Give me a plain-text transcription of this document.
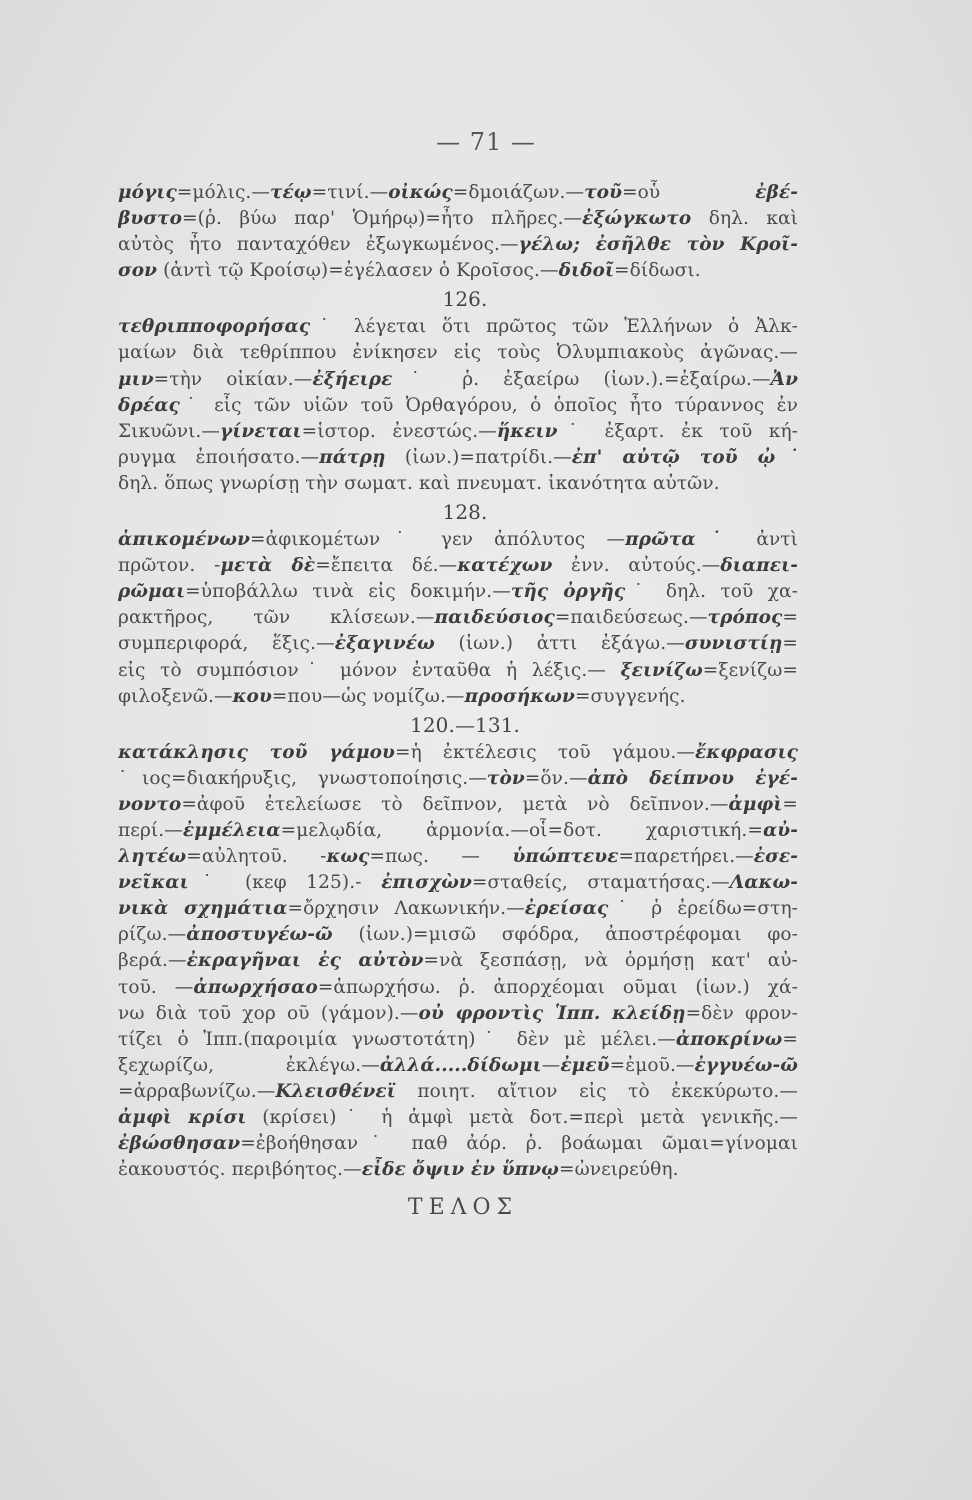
— 71 —
μόγις=μόλις.—τέῳ=τινί.—οἰκώς=δμοιάζων.—τοῦ=οὗ ἐβέ-
βυστο=(ῥ. βύω παρ' Ὁμήρῳ)=ἦτο πλῆρες.—ἐξώγκωτο δηλ. καὶ
αὐτὸς ἦτο πανταχόθεν ἐξωγκωμένος.—γέλω; ἐσῆλθε τὸν Κροῖ-
σον (ἀντὶ τῷ Κροίσῳ)=ἐγέλασεν ὁ Κροῖσος.—διδοῖ=δίδωσι.
126.
τεθριπποφορήσας˙ λέγεται ὅτι πρῶτος τῶν Ἑλλήνων ὁ Ἀλκ-
μαίων διὰ τεθρίππου ἐνίκησεν εἰς τοὺς Ὀλυμπιακοὺς ἀγῶνας.—
μιν=τὴν οἰκίαν.—ἐξήειρε˙ ῥ. ἐξαείρω (ἰων.).=ἐξαίρω.—Ἀν
δρέας˙ εἷς τῶν υἱῶν τοῦ Ὀρθαγόρου, ὁ ὁποῖος ἦτο τύραννος ἐν
Σικυῶνι.—γίνεται=ἱστορ. ἐνεστώς.—ἥκειν˙ ἐξαρτ. ἐκ τοῦ κή-
ρυγμα ἐποιήσατο.—πάτρῃ (ἰων.)=πατρίδι.—ἐπ' αὐτῷ τοῦ ᾠ˙
δηλ. ὅπως γνωρίσῃ τὴν σωματ. καὶ πνευματ. ἱκανότητα αὐτῶν.
128.
ἀπικομένων=ἀφικομέτων˙ γεν ἀπόλυτος —πρῶτα˙ ἀντὶ
πρῶτον. -μετὰ δὲ=ἔπειτα δέ.—κατέχων ἐνν. αὐτούς.—διαπει-
ρῶμαι=ὑποβάλλω τινὰ εἰς δοκιμήν.—τῆς ὀργῆς˙ δηλ. τοῦ χα-
ρακτῆρος, τῶν κλίσεων.—παιδεύσιος=παιδεύσεως.—τρόπος=
συμπεριφορά, ἕξις.—ἐξαγινέω (ἰων.) ἀττι ἐξάγω.—συνιστίῃ=
εἰς τὸ συμπόσιον˙ μόνον ἐνταῦθα ἡ λέξις.— ξεινίζω=ξενίζω=
φιλοξενῶ.—κου=που—ὡς νομίζω.—προσήκων=συγγενής.
120.—131.
κατάκλησις τοῦ γάμου=ἡ ἐκτέλεσις τοῦ γάμου.—ἔκφρασις
˙ιος=διακήρυξις, γνωστοποίησις.—τὸν=ὅν.—ἀπὸ δείπνου ἐγέ-
νοντο=ἀφοῦ ἐτελείωσε τὸ δεῖπνον, μετὰ νὸ δεῖπνον.—ἀμφὶ=
περί.—ἐμμέλεια=μελῳδία, ἁρμονία.—οἷ=δοτ. χαριστική.=αὐ-
λητέω=αὐλητοῦ. -κως=πως. — ὑπώπτευε=παρετήρει.—ἐσε-
νεῖκαι˙ (κεφ 125).- ἐπισχὼν=σταθείς, σταματήσας.—Λακω-
νικὰ σχημάτια=ὄρχησιν Λακωνικήν.—ἐρείσας˙ ῥ ἐρείδω=στη-
ρίζω.—ἀποστυγέω-ῶ (ἰων.)=μισῶ σφόδρα, ἀποστρέφομαι φο-
βερά.—ἐκραγῆναι ἐς αὐτὸν=νὰ ξεσπάσῃ, νὰ ὁρμήσῃ κατ' αὐ-
τοῦ. —ἀπωρχήσαο=ἀπωρχήσω. ῥ. ἀπορχέομαι οῦμαι (ἰων.) χά-
νω διὰ τοῦ χορ οῦ (γάμον).—οὐ φροντὶς Ἱππ. κλείδῃ=δὲν φρον-
τίζει ὁ Ἱππ.(παροιμία γνωστοτάτη)˙ δὲν μὲ μέλει.—ἀποκρίνω=
ξεχωρίζω, ἐκλέγω.—ἀλλά.....δίδωμι—ἐμεῦ=ἐμοῦ.—ἐγγυέω-ῶ
=ἀρραβωνίζω.—Κλεισθένεϊ ποιητ. αἴτιον εἰς τὸ ἐκεκύρωτο.—
ἀμφὶ κρίσι (κρίσει)˙ ἡ ἀμφὶ μετὰ δοτ.=περὶ μετὰ γενικῆς.—
ἐβώσθησαν=ἐβοήθησαν˙ παθ ἀόρ. ῥ. βοάωμαι ῶμαι=γίνομαι
ἐακουστός. περιβόητος.—εἶδε ὄψιν ἐν ὕπνῳ=ὠνειρεύθη.
ΤΕΛΟΣ
